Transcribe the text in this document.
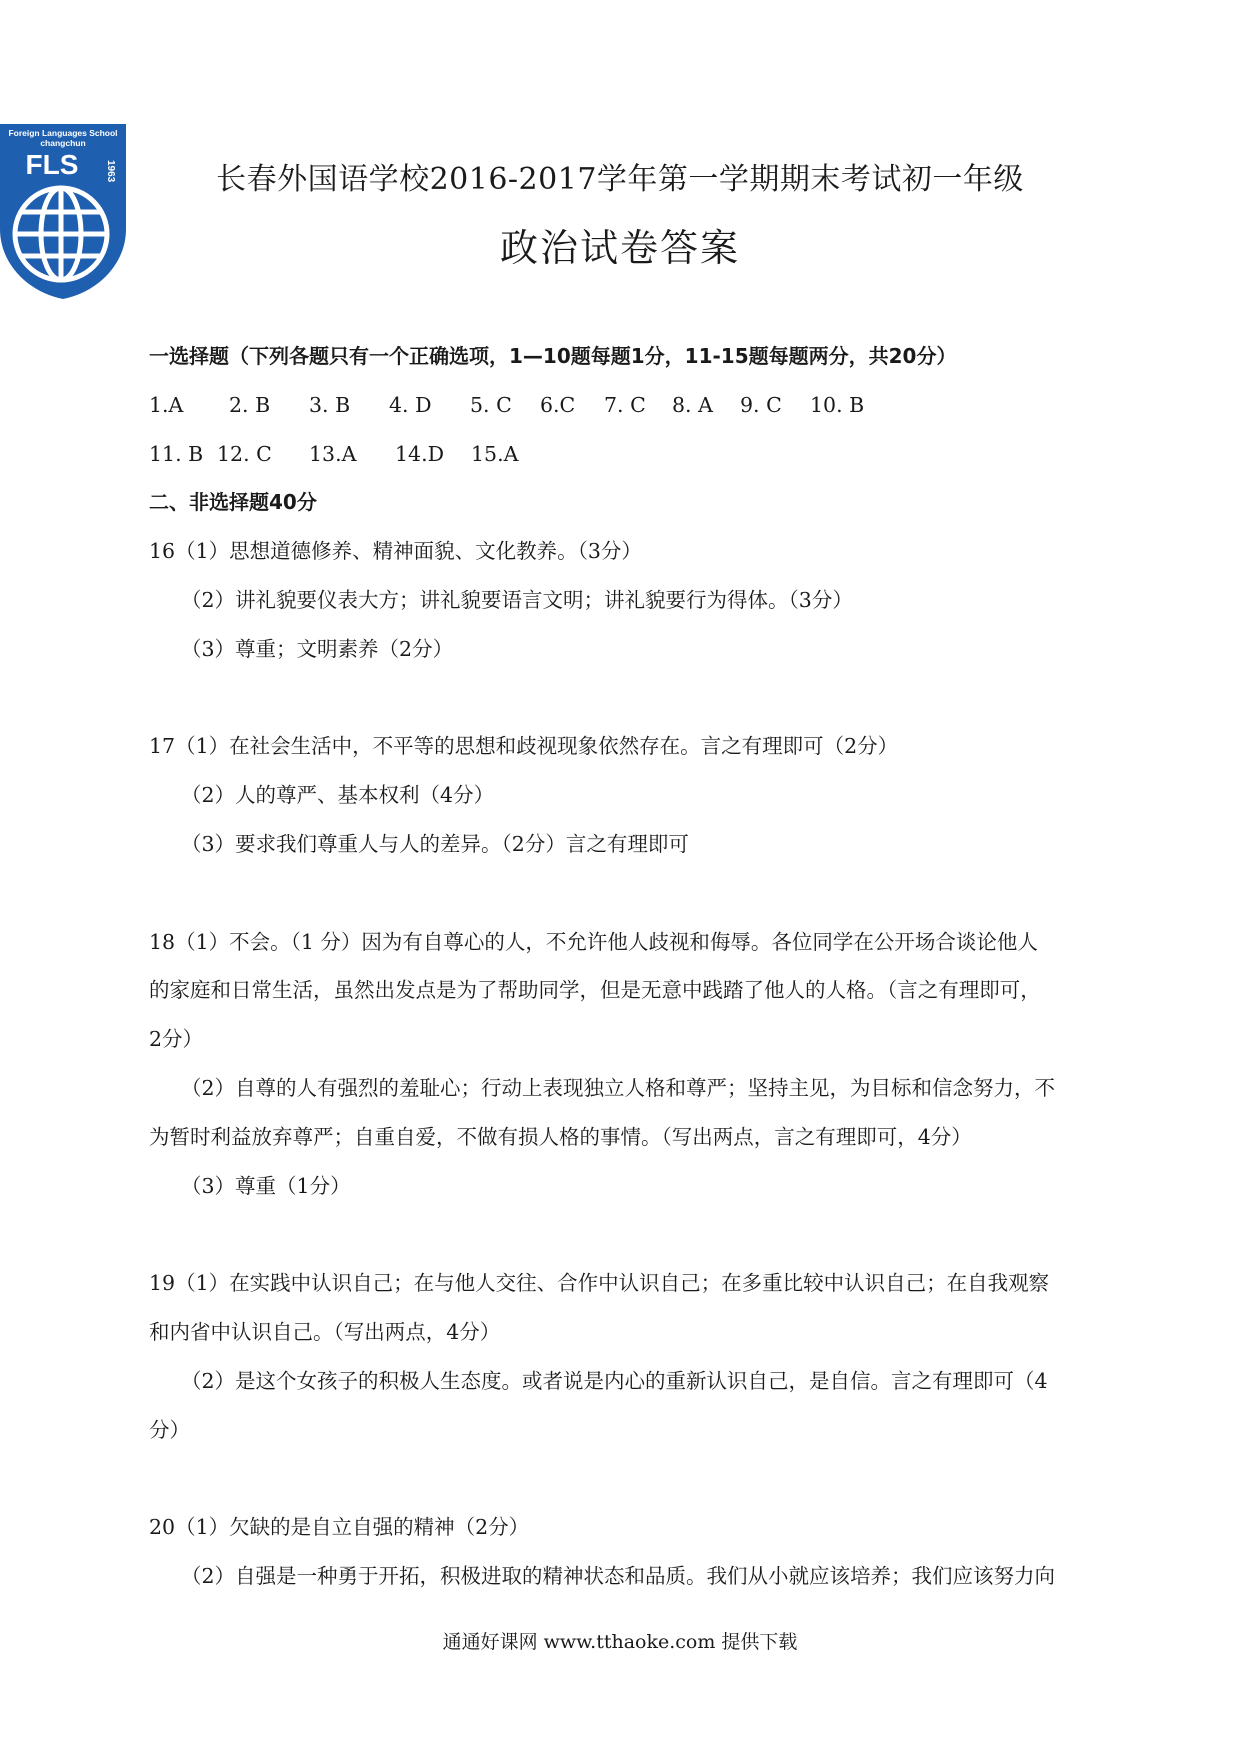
Foreign Languages School
changchun
FLS	1963	长春外国语学校2016-2017学年第一学期期末考试初一年级
政治试卷答案
一选择题（下列各题只有一个正确选项，1—10题每题1分，11-15题每题两分，共20分）
1.A 2. B 3. B 4. D 5. C 6.C 7. C 8. A 9. C 10. B
11. B 12. C 13.A 14.D 15.A
二、非选择题40分
16（1）思想道德修养、精神面貌、文化教养。（3分）
（2）讲礼貌要仪表大方；讲礼貌要语言文明；讲礼貌要行为得体。（3分）
（3）尊重；文明素养（2分）
17（1）在社会生活中，不平等的思想和歧视现象依然存在。言之有理即可（2分）
（2）人的尊严、基本权利（4分）
（3）要求我们尊重人与人的差异。（2分）言之有理即可
18（1）不会。（1 分）因为有自尊心的人，不允许他人歧视和侮辱。各位同学在公开场合谈论他人
的家庭和日常生活，虽然出发点是为了帮助同学，但是无意中践踏了他人的人格。（言之有理即可，
2分）
（2）自尊的人有强烈的羞耻心；行动上表现独立人格和尊严；坚持主见，为目标和信念努力，不
为暂时利益放弃尊严；自重自爱，不做有损人格的事情。（写出两点，言之有理即可，4分）
（3）尊重（1分）
19（1）在实践中认识自己；在与他人交往、合作中认识自己；在多重比较中认识自己；在自我观察
和内省中认识自己。（写出两点，4分）
（2）是这个女孩子的积极人生态度。或者说是内心的重新认识自己，是自信。言之有理即可（4
分）
20（1）欠缺的是自立自强的精神（2分）
（2）自强是一种勇于开拓，积极进取的精神状态和品质。我们从小就应该培养；我们应该努力向
通通好课网 www.tthaoke.com 提供下载
